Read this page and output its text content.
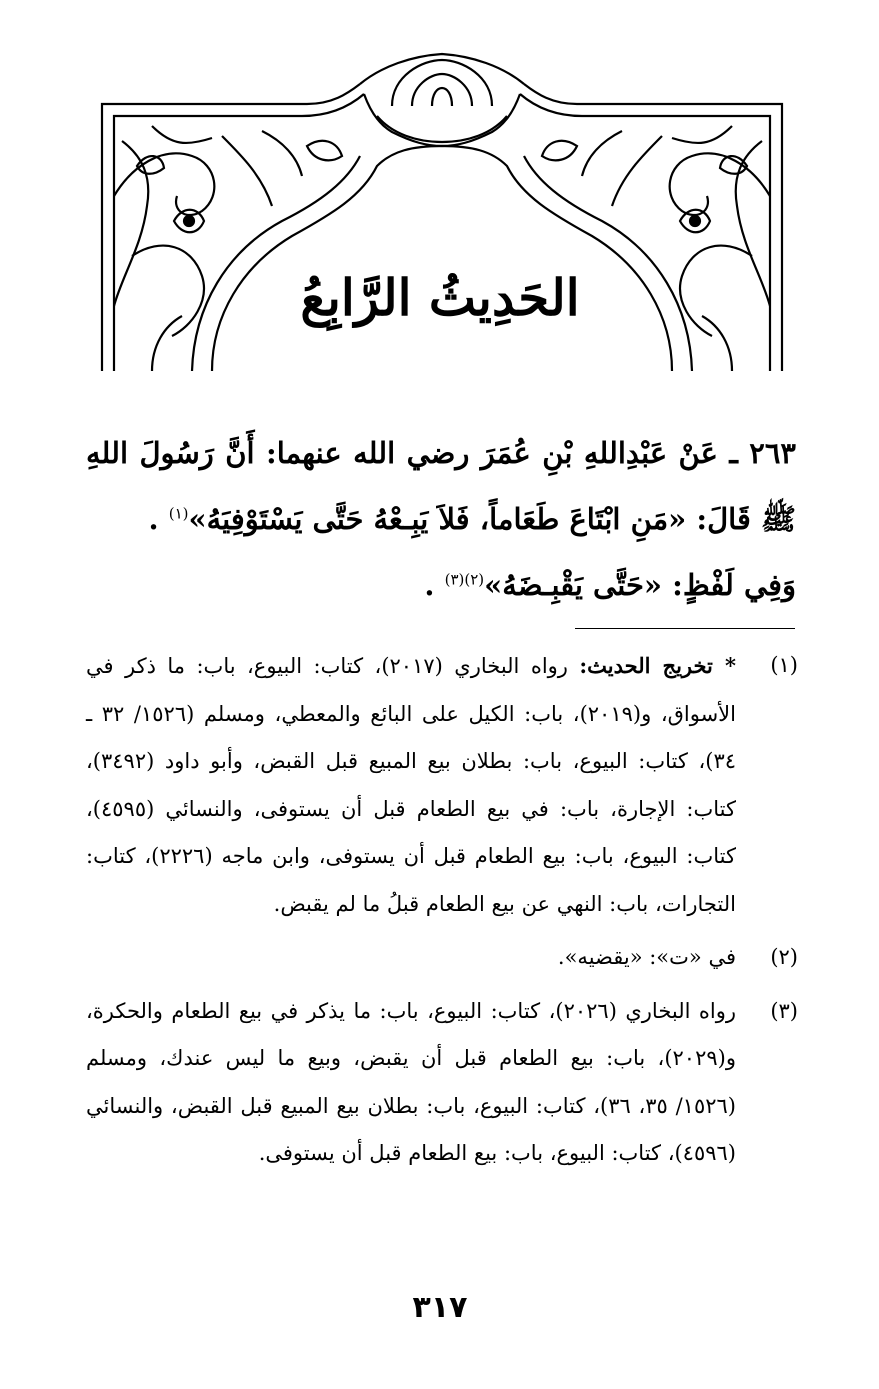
الحَدِيثُ الرَّابِعُ

٢٦٣ ـ عَنْ عَبْدِاللهِ بْنِ عُمَرَ رضي الله عنهما: أَنَّ رَسُولَ اللهِ ﷺ قَالَ: «مَنِ ابْتَاعَ طَعَاماً، فَلاَ يَبِـعْهُ حَتَّى يَسْتَوْفِيَهُ»$^{(١)}$ .

وَفِي لَفْظٍ: «حَتَّى يَقْبِـضَهُ»$^{(٢)(٣)}$ .

(١)
* تخريج الحديث: رواه البخاري (٢٠١٧)، كتاب: البيوع، باب: ما ذكر في الأسواق، و(٢٠١٩)، باب: الكيل على البائع والمعطي، ومسلم (١٥٢٦/ ٣٢ ـ ٣٤)، كتاب: البيوع، باب: بطلان بيع المبيع قبل القبض، وأبو داود (٣٤٩٢)، كتاب: الإجارة، باب: في بيع الطعام قبل أن يستوفى، والنسائي (٤٥٩٥)، كتاب: البيوع، باب: بيع الطعام قبل أن يستوفى، وابن ماجه (٢٢٢٦)، كتاب: التجارات، باب: النهي عن بيع الطعام قبلُ ما لم يقبض.
(٢)
في «ت»: «يقضيه».
(٣)
رواه البخاري (٢٠٢٦)، كتاب: البيوع، باب: ما يذكر في بيع الطعام والحكرة، و(٢٠٢٩)، باب: بيع الطعام قبل أن يقبض، وبيع ما ليس عندك، ومسلم (١٥٢٦/ ٣٥، ٣٦)، كتاب: البيوع، باب: بطلان بيع المبيع قبل القبض، والنسائي (٤٥٩٦)، كتاب: البيوع، باب: بيع الطعام قبل أن يستوفى.
٣١٧
